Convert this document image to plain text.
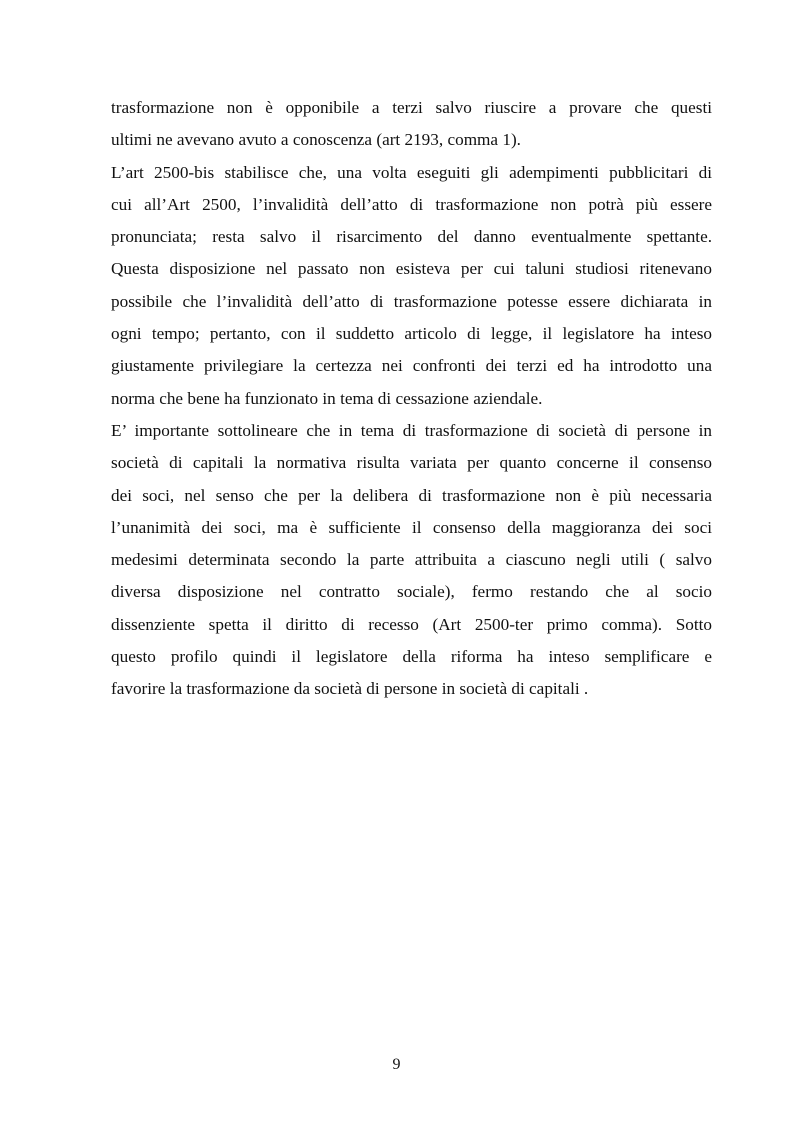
trasformazione non è opponibile a terzi salvo riuscire a provare che questi
ultimi ne avevano avuto a conoscenza (art 2193, comma 1).
L’art 2500-bis stabilisce che, una volta eseguiti gli adempimenti pubblicitari di
cui all’Art 2500, l’invalidità dell’atto di trasformazione non potrà più essere
pronunciata; resta salvo il risarcimento del danno eventualmente spettante.
Questa disposizione nel passato non esisteva per cui taluni studiosi ritenevano
possibile che l’invalidità dell’atto di trasformazione potesse essere dichiarata in
ogni tempo; pertanto, con il suddetto articolo di legge, il legislatore ha inteso
giustamente privilegiare la certezza nei confronti dei terzi ed ha introdotto una
norma che bene ha funzionato in tema di cessazione aziendale.
E’ importante sottolineare che in tema di trasformazione di società di persone in
società di capitali la normativa risulta variata per quanto concerne il consenso
dei soci, nel senso che per la delibera di trasformazione non è più necessaria
l’unanimità dei soci, ma è sufficiente il consenso della maggioranza dei soci
medesimi determinata secondo la parte attribuita a ciascuno negli utili ( salvo
diversa disposizione nel contratto sociale), fermo restando che al socio
dissenziente spetta il diritto di recesso (Art 2500-ter primo comma). Sotto
questo profilo quindi il legislatore della riforma ha inteso semplificare e
favorire la trasformazione da società di persone in società di capitali .
9
